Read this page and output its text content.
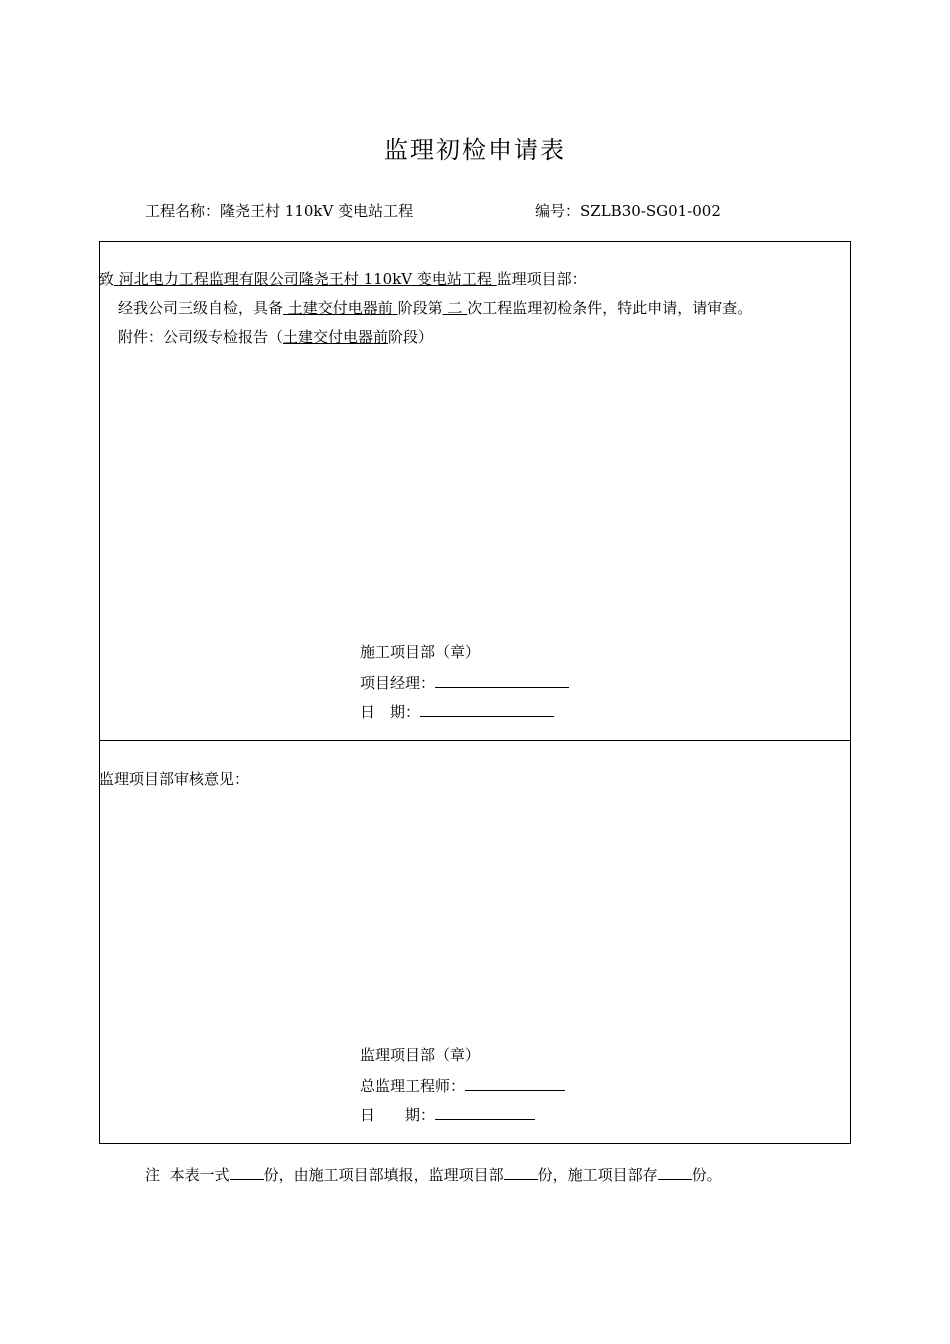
监理初检申请表
工程名称：隆尧王村 110kV 变电站工程	编号：SZLB30-SG01-002
致 河北电力工程监理有限公司隆尧王村 110kV 变电站工程 监理项目部：
经我公司三级自检，具备 土建交付电器前 阶段第 二 次工程监理初检条件，特此申请，请审查。
附件：公司级专检报告（土建交付电器前阶段）
施工项目部（章）
项目经理：
日　期：
监理项目部审核意见：
监理项目部（章）
总监理工程师：
日　　期：
注 本表一式 份，由施工项目部填报，监理项目部 份，施工项目部存 份。
